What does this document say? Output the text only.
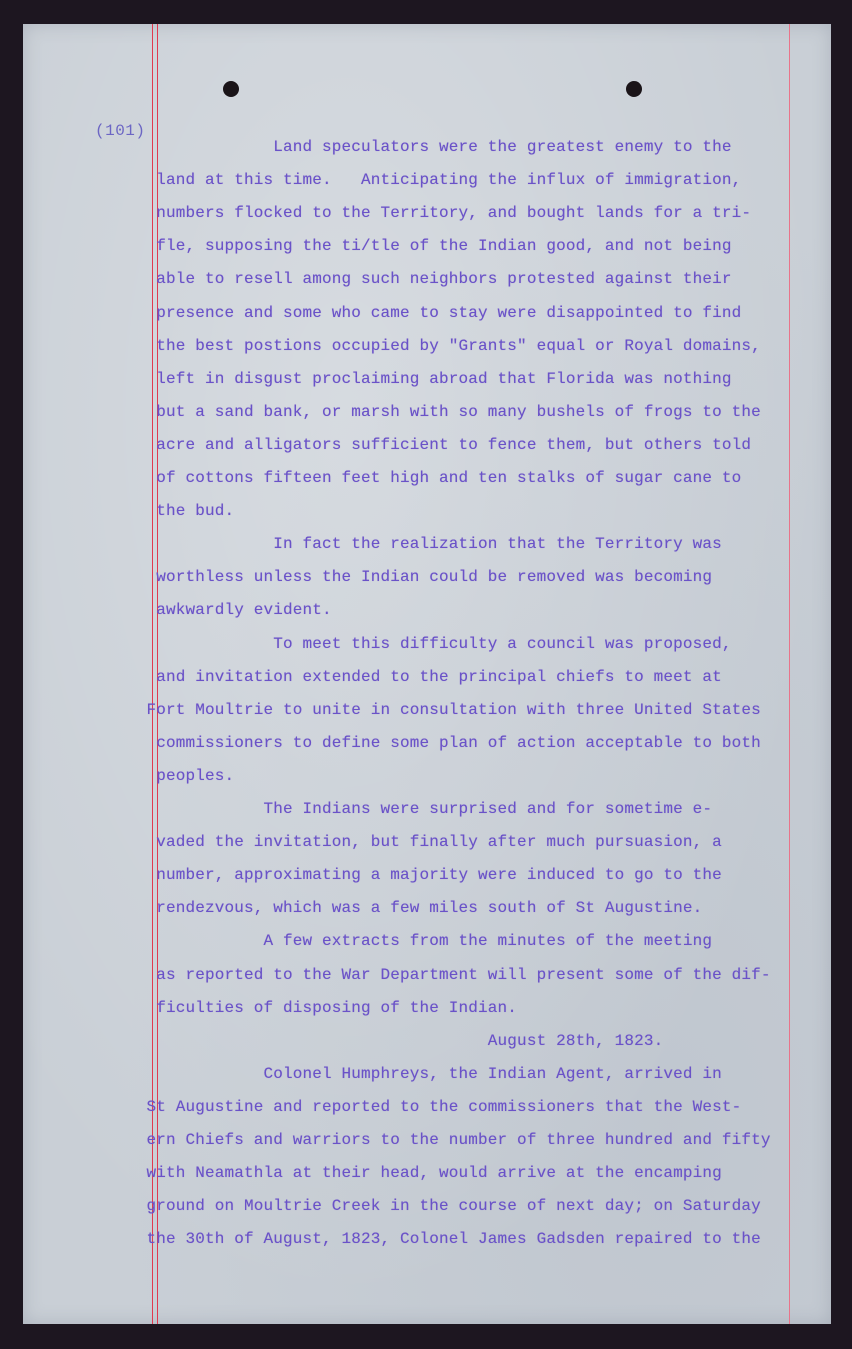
(101)
Land speculators were the greatest enemy to the
land at this time.   Anticipating the influx of immigration,
numbers flocked to the Territory, and bought lands for a tri-
fle, supposing the ti/tle of the Indian good, and not being
able to resell among such neighbors protested against their
presence and some who came to stay were disappointed to find
the best postions occupied by "Grants" equal or Royal domains,
left in disgust proclaiming abroad that Florida was nothing
but a sand bank, or marsh with so many bushels of frogs to the
acre and alligators sufficient to fence them, but others told
of cottons fifteen feet high and ten stalks of sugar cane to
the bud.
In fact the realization that the Territory was
worthless unless the Indian could be removed was becoming
awkwardly evident.
To meet this difficulty a council was proposed,
and invitation extended to the principal chiefs to meet at
Fort Moultrie to unite in consultation with three United States
commissioners to define some plan of action acceptable to both
peoples.
The Indians were surprised and for sometime e-
vaded the invitation, but finally after much pursuasion, a
number, approximating a majority were induced to go to the
rendezvous, which was a few miles south of St Augustine.
A few extracts from the minutes of the meeting
as reported to the War Department will present some of the dif-
ficulties of disposing of the Indian.
August 28th, 1823.
Colonel Humphreys, the Indian Agent, arrived in
St Augustine and reported to the commissioners that the West-
ern Chiefs and warriors to the number of three hundred and fifty
with Neamathla at their head, would arrive at the encamping
ground on Moultrie Creek in the course of next day; on Saturday
the 30th of August, 1823, Colonel James Gadsden repaired to the
